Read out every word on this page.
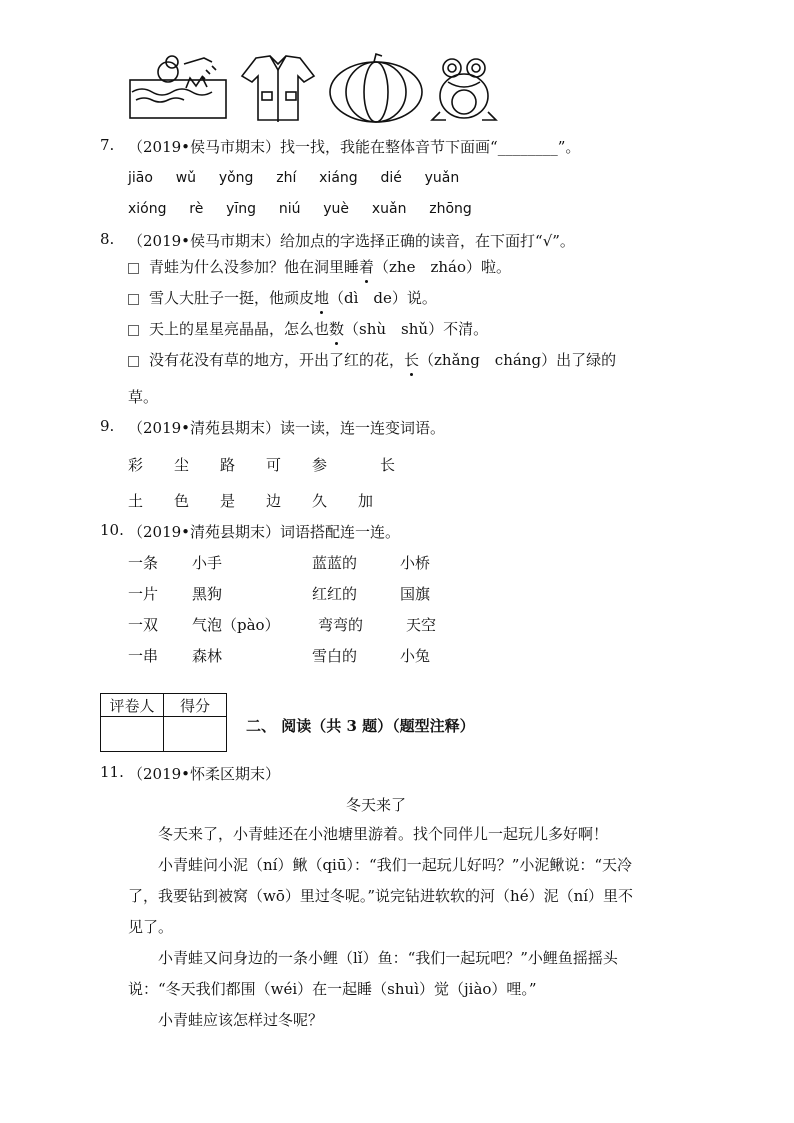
7. （2019•侯马市期末）找一找，我能在整体音节下面画“________”。
jiāo wǔ yǒng zhí xiáng dié yuǎn
xióng rè yīng niú yuè xuǎn zhōng
8. （2019•侯马市期末）给加点的字选择正确的读音，在下面打“√”。
青蛙为什么没参加？他在洞里睡着（zhe　zháo）啦。
雪人大肚子一挺，他顽皮地（dì　de）说。
天上的星星亮晶晶，怎么也数（shù　shǔ）不清。
没有花没有草的地方，开出了红的花，长（zhǎng　cháng）出了绿的
草。
9. （2019•清苑县期末）读一读，连一连变词语。
彩 尘 路 可 参	长
土 色 是 边 久 加
10. （2019•清苑县期末）词语搭配连一连。
一条 小手	蓝蓝的	小桥
一片 黑狗	红红的	国旗
一双 气泡（pào）	弯弯的	天空
一串 森林	雪白的	小兔
评卷人	得分

二、 阅读（共 3 题）（题型注释）
11. （2019•怀柔区期末）
冬天来了
冬天来了，小青蛙还在小池塘里游着。找个同伴儿一起玩儿多好啊！
小青蛙问小泥（ní）鳅（qiū）：“我们一起玩儿好吗？”小泥鳅说：“天冷了，我要钻到被窝（wō）里过冬呢。”说完钻进软软的河（hé）泥（ní）里不见了。
小青蛙又问身边的一条小鲤（lǐ）鱼：“我们一起玩吧？”小鲤鱼摇摇头说：“冬天我们都围（wéi）在一起睡（shuì）觉（jiào）哩。”
小青蛙应该怎样过冬呢？
